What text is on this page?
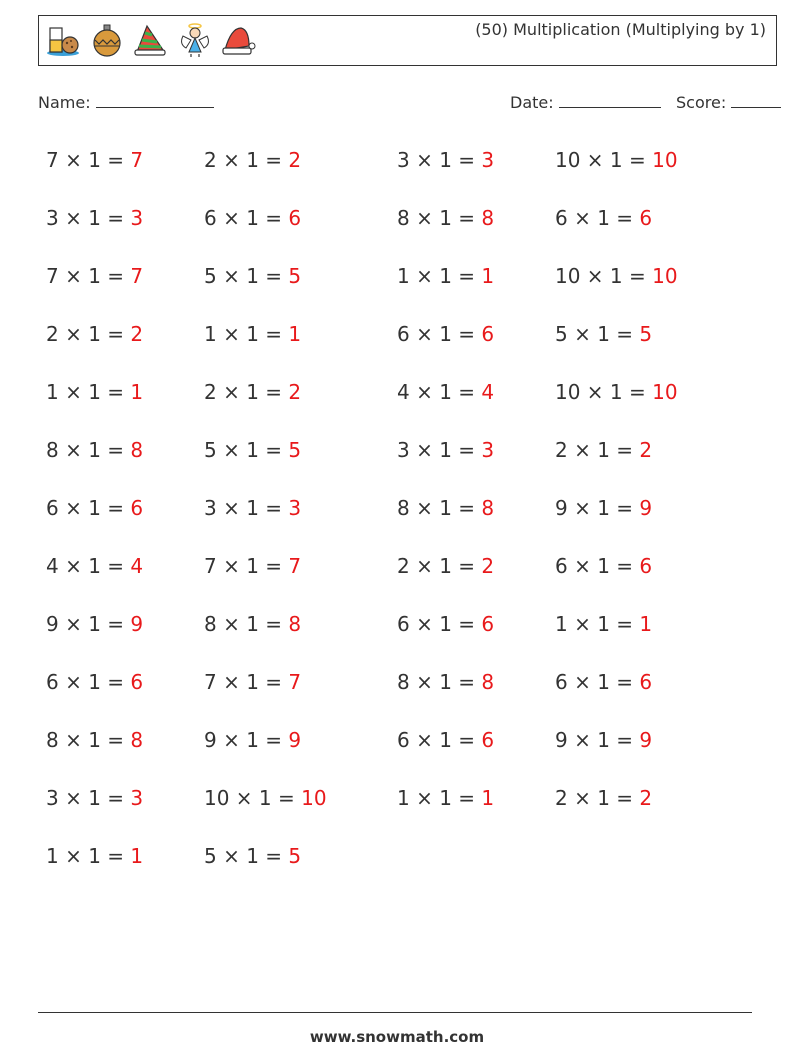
(50) Multiplication (Multiplying by 1)
Name:	Date:	Score:
7 × 1 = 7	2 × 1 = 2	3 × 1 = 3	10 × 1 = 10
3 × 1 = 3	6 × 1 = 6	8 × 1 = 8	6 × 1 = 6
7 × 1 = 7	5 × 1 = 5	1 × 1 = 1	10 × 1 = 10
2 × 1 = 2	1 × 1 = 1	6 × 1 = 6	5 × 1 = 5
1 × 1 = 1	2 × 1 = 2	4 × 1 = 4	10 × 1 = 10
8 × 1 = 8	5 × 1 = 5	3 × 1 = 3	2 × 1 = 2
6 × 1 = 6	3 × 1 = 3	8 × 1 = 8	9 × 1 = 9
4 × 1 = 4	7 × 1 = 7	2 × 1 = 2	6 × 1 = 6
9 × 1 = 9	8 × 1 = 8	6 × 1 = 6	1 × 1 = 1
6 × 1 = 6	7 × 1 = 7	8 × 1 = 8	6 × 1 = 6
8 × 1 = 8	9 × 1 = 9	6 × 1 = 6	9 × 1 = 9
3 × 1 = 3	10 × 1 = 10	1 × 1 = 1	2 × 1 = 2
1 × 1 = 1	5 × 1 = 5
www.snowmath.com
